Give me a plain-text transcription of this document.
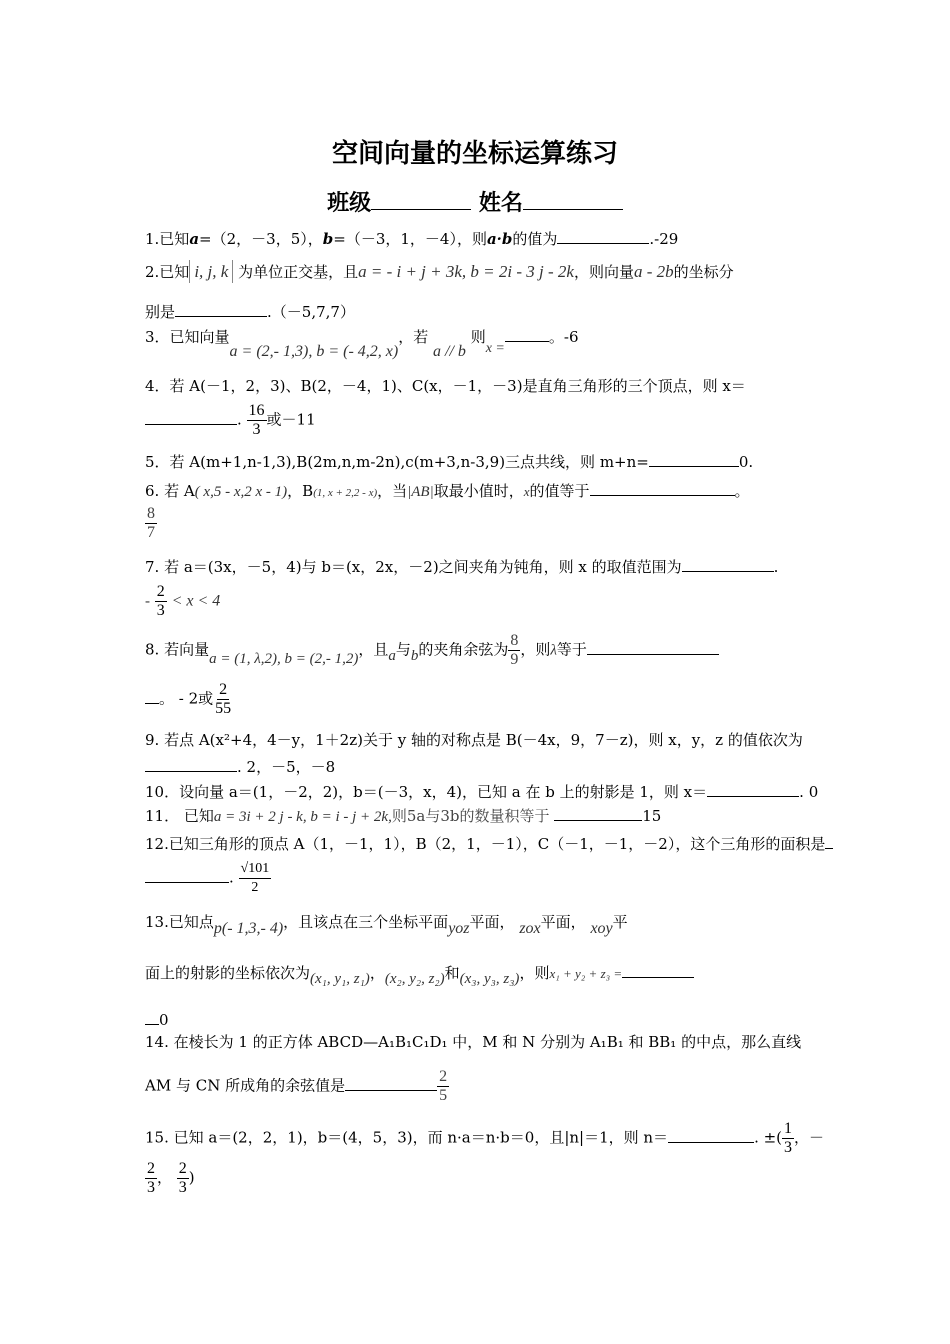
空间向量的坐标运算练习
班级	姓名
1.已知a=（2，－3，5），b=（－3，1，－4），则a·b的值为	.-29
2.已知 i, j, k 为单位正交基，且a = - i + j + 3k, b = 2i - 3 j - 2k，则向量a - 2b的坐标分
别是	.（－5,7,7）
3．已知向量a = (2,- 1,3), b = (- 4,2, x)，若 a // b 则x =。-6
4．若 A(－1，2，3)、B(2，－4，1)、C(x，－1，－3)是直角三角形的三个顶点，则 x＝
. $\frac{16}{3}$ 或－11
5．若 A(m+1,n-1,3),B(2m,n,m-2n),c(m+3,n-3,9)三点共线，则 m+n=	0.
6. 若 A( x,5 - x,2 x - 1)，B(1, x + 2,2 - x)，当|AB|取最小值时，x的值等于	。
$\frac{8}{7}$
7. 若 a＝(3x，－5，4)与 b＝(x，2x，－2)之间夹角为钝角，则 x 的取值范围为	.
- $\frac{2}{3} < x < 4$
8. 若向量a = (1, λ,2), b = (2,- 1,2)，且a与b的夹角余弦为 $\frac{8}{9}$ ，则λ等于
。 - 2或 $\frac{2}{55}$
9. 若点 A(x²+4，4－y，1＋2z)关于 y 轴的对称点是 B(－4x，9，7－z)，则 x，y，z 的值依次为
. 2，－5，－8
10．设向量 a＝(1，－2，2)，b＝(－3，x，4)，已知 a 在 b 上的射影是 1，则 x＝	. 0
11． 已知a = 3i + 2 j - k, b = i - j + 2k,则5a与3b的数量积等于	15
12.已知三角形的顶点 A（1，－1，1），B（2，1，－1），C（－1，－1，－2），这个三角形的面积是
. $\frac{√101}{2}$
13.已知点p(- 1,3,- 4)，且该点在三个坐标平面yoz平面， zox平面， xoy平
面上的射影的坐标依次为(x₁, y₁, z₁)，(x₂, y₂, z₂)和(x₃, y₃, z₃)，则x₁ + y₂ + z₃ =
0
14. 在棱长为 1 的正方体 ABCD—A₁B₁C₁D₁ 中，M 和 N 分别为 A₁B₁ 和 BB₁ 的中点，那么直线
AM 与 CN 所成角的余弦值是	$\frac{2}{5}$
15. 已知 a＝(2，2，1)，b＝(4，5，3)，而 n·a＝n·b＝0，且|n|＝1，则 n＝	. ±( $\frac{1}{3}$ ，－
$\frac{2}{3}$ ， $\frac{2}{3}$ )
